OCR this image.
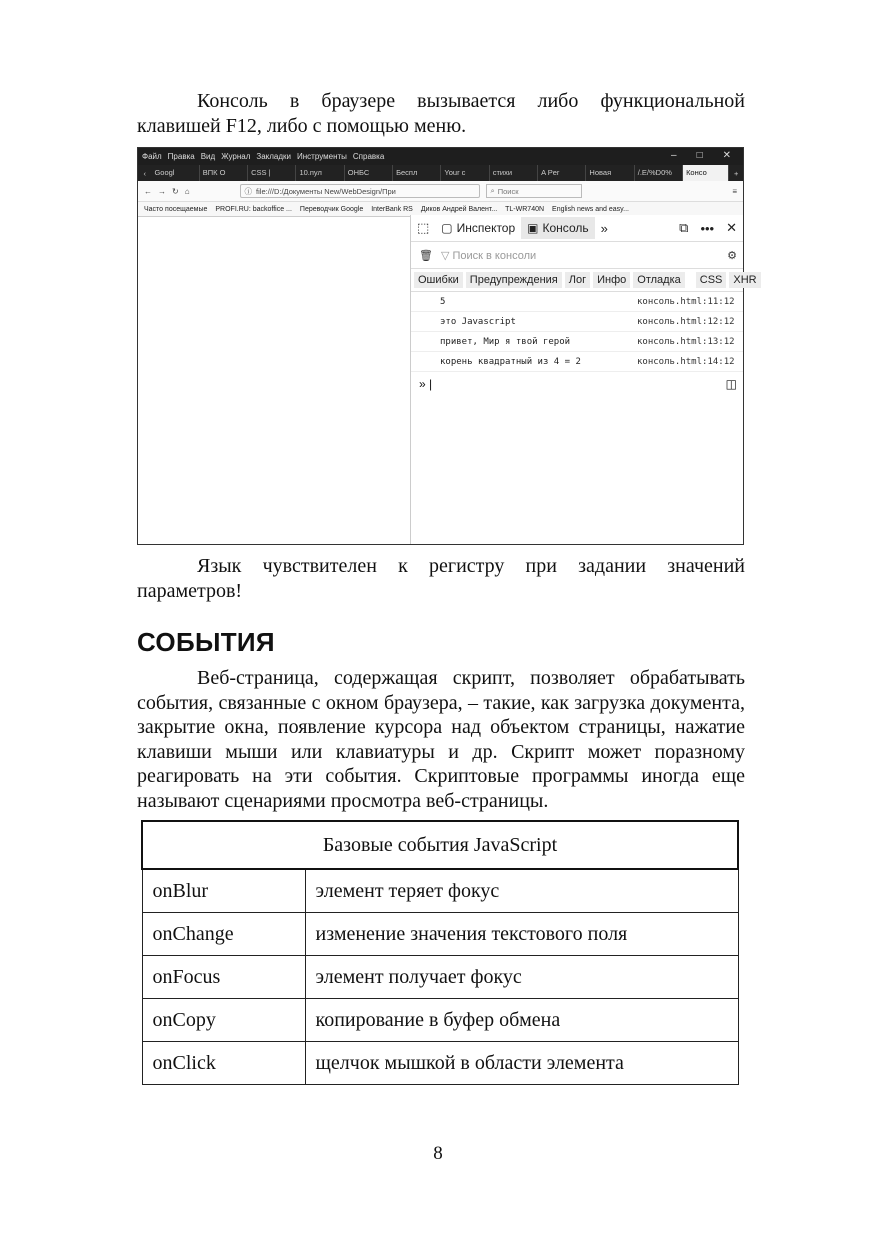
Консоль в браузере вызывается либо функциональной клавишей F12, либо с помощью меню.

Файл Правка Вид Журнал Закладки Инструменты Справка	– □ ✕
‹	Googl	ВПК О	CSS |	10.пул	ОНБС	Беспл	Your c	стихи	A Per	Новая	/.E/%D0%	Консо	+
← → ↻ ⌂	ⓘ file:///D:/Документы New/WebDesign/При	⌕ Поиск	≡
Часто посещаемые PROFI.RU: backoffice ... Переводчик Google InterBank RS Диков Андрей Валент... TL-WR740N English news and easy...
⬚ ▢ Инспектор ▣ Консоль »	⧉ ••• ✕
🗑 ▽ Поиск в консоли	⚙
Ошибки	Предупреждения	Лог	Инфо	Отладка	CSS	XHR
5	консоль.html:11:12
это Javascript	консоль.html:12:12
привет, Мир я твой герой	консоль.html:13:12
корень квадратный из 4 = 2	консоль.html:14:12
» |	◫

Язык чувствителен к регистру при задании значений параметров!

СОБЫТИЯ

Веб-страница, содержащая скрипт, позволяет обрабатывать события, связанные с окном браузера, – такие, как загрузка документа, закрытие окна, появление курсора над объектом страницы, нажатие клавиши мыши или клавиатуры и др. Скрипт может поразному реагировать на эти события. Скриптовые программы иногда еще называют сценариями просмотра веб-страницы.

Базовые события JavaScript	
onBlur	элемент теряет фокус
onChange	изменение значения текстового поля
onFocus	элемент получает фокус
onCopy	копирование в буфер обмена
onClick	щелчок мышкой в области элемента
8
